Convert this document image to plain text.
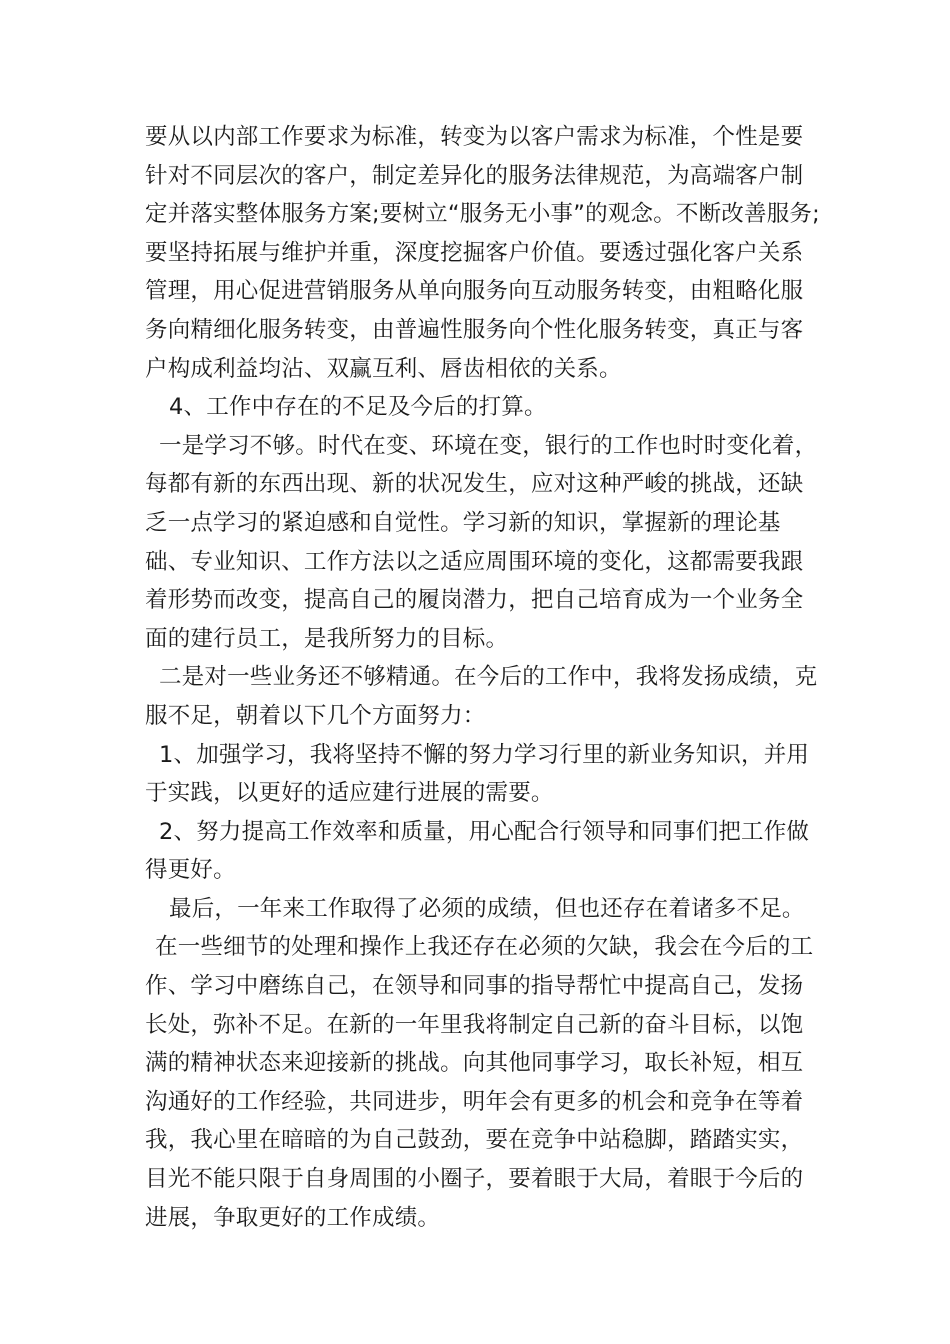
要从以内部工作要求为标准，转变为以客户需求为标准，个性是要针对不同层次的客户，制定差异化的服务法律规范，为高端客户制定并落实整体服务方案;要树立“服务无小事”的观念。不断改善服务;要坚持拓展与维护并重，深度挖掘客户价值。要透过强化客户关系管理，用心促进营销服务从单向服务向互动服务转变，由粗略化服务向精细化服务转变，由普遍性服务向个性化服务转变，真正与客户构成利益均沾、双赢互利、唇齿相依的关系。

4、工作中存在的不足及今后的打算。

一是学习不够。时代在变、环境在变，银行的工作也时时变化着，每都有新的东西出现、新的状况发生，应对这种严峻的挑战，还缺乏一点学习的紧迫感和自觉性。学习新的知识，掌握新的理论基础、专业知识、工作方法以之适应周围环境的变化，这都需要我跟着形势而改变，提高自己的履岗潜力，把自己培育成为一个业务全面的建行员工，是我所努力的目标。

二是对一些业务还不够精通。在今后的工作中，我将发扬成绩，克服不足，朝着以下几个方面努力：

1、加强学习，我将坚持不懈的努力学习行里的新业务知识，并用于实践，以更好的适应建行进展的需要。

2、努力提高工作效率和质量，用心配合行领导和同事们把工作做得更好。

最后，一年来工作取得了必须的成绩，但也还存在着诸多不足。

在一些细节的处理和操作上我还存在必须的欠缺，我会在今后的工作、学习中磨练自己，在领导和同事的指导帮忙中提高自己，发扬长处，弥补不足。在新的一年里我将制定自己新的奋斗目标，以饱满的精神状态来迎接新的挑战。向其他同事学习，取长补短，相互沟通好的工作经验，共同进步，明年会有更多的机会和竞争在等着我，我心里在暗暗的为自己鼓劲，要在竞争中站稳脚，踏踏实实，目光不能只限于自身周围的小圈子，要着眼于大局，着眼于今后的进展，争取更好的工作成绩。
